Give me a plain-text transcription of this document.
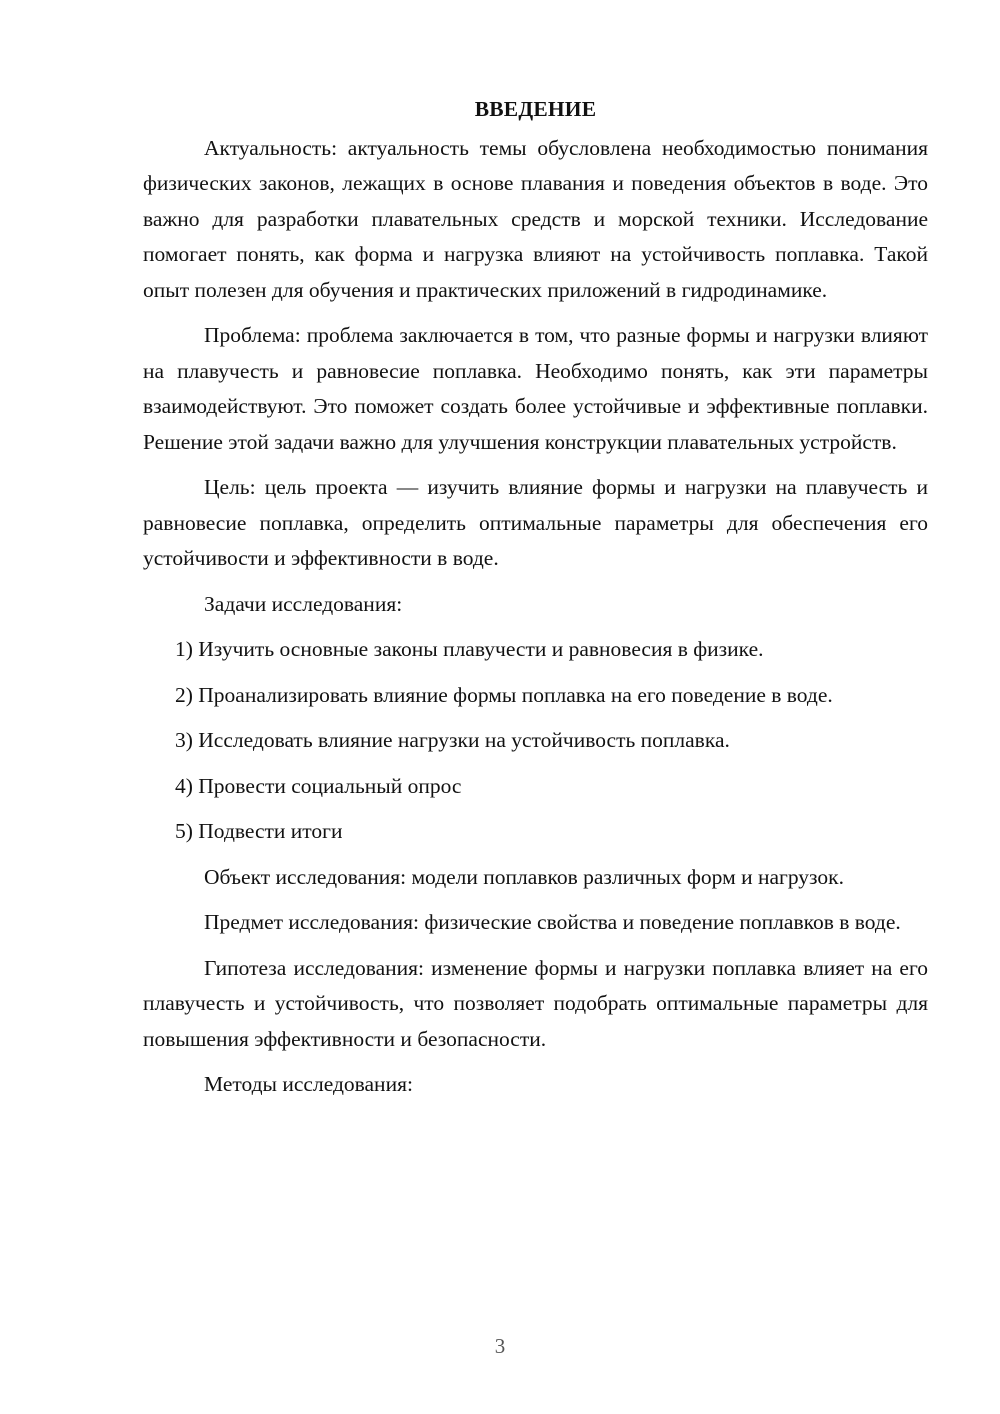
ВВЕДЕНИЕ

Актуальность: актуальность темы обусловлена необходимостью понимания физических законов, лежащих в основе плавания и поведения объектов в воде. Это важно для разработки плавательных средств и морской техники. Исследование помогает понять, как форма и нагрузка влияют на устойчивость поплавка. Такой опыт полезен для обучения и практических приложений в гидродинамике.

Проблема: проблема заключается в том, что разные формы и нагрузки влияют на плавучесть и равновесие поплавка. Необходимо понять, как эти параметры взаимодействуют. Это поможет создать более устойчивые и эффективные поплавки. Решение этой задачи важно для улучшения конструкции плавательных устройств.

Цель: цель проекта — изучить влияние формы и нагрузки на плавучесть и равновесие поплавка, определить оптимальные параметры для обеспечения его устойчивости и эффективности в воде.

Задачи исследования:

1) Изучить основные законы плавучести и равновесия в физике.

2) Проанализировать влияние формы поплавка на его поведение в воде.

3) Исследовать влияние нагрузки на устойчивость поплавка.

4) Провести социальный опрос

5) Подвести итоги

Объект исследования: модели поплавков различных форм и нагрузок.

Предмет исследования: физические свойства и поведение поплавков в воде.

Гипотеза исследования: изменение формы и нагрузки поплавка влияет на его плавучесть и устойчивость, что позволяет подобрать оптимальные параметры для повышения эффективности и безопасности.

Методы исследования:

3
